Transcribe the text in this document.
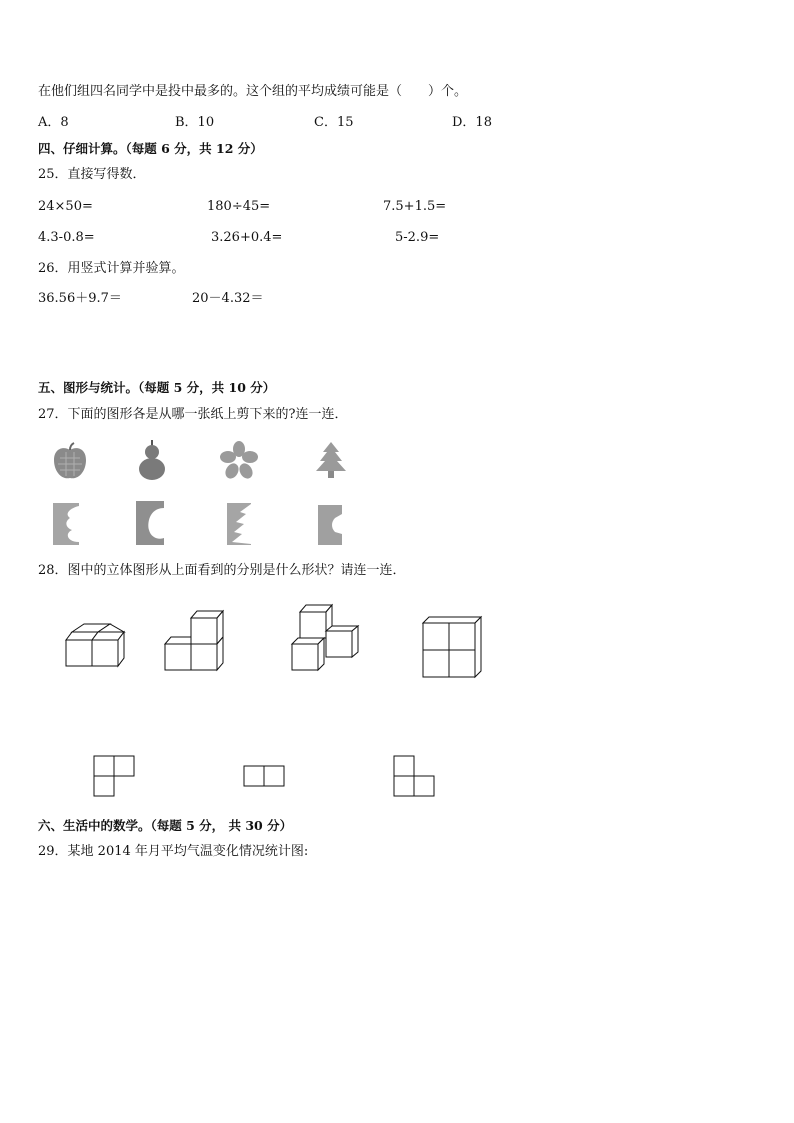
在他们组四名同学中是投中最多的。这个组的平均成绩可能是（　　）个。
A．8	B．10	C．15	D．18
四、仔细计算。（每题 6 分，共 12 分）
25．直接写得数．
24×50=	180÷45=	7.5+1.5=
4.3-0.8=	3.26+0.4=	5-2.9=
26．用竖式计算并验算。
36.56＋9.7＝	20－4.32＝
五、图形与统计。（每题 5 分，共 10 分）
27．下面的图形各是从哪一张纸上剪下来的?连一连．
28．图中的立体图形从上面看到的分别是什么形状？请连一连．
六、生活中的数学。（每题 5 分， 共 30 分）
29．某地 2014 年月平均气温变化情况统计图:
